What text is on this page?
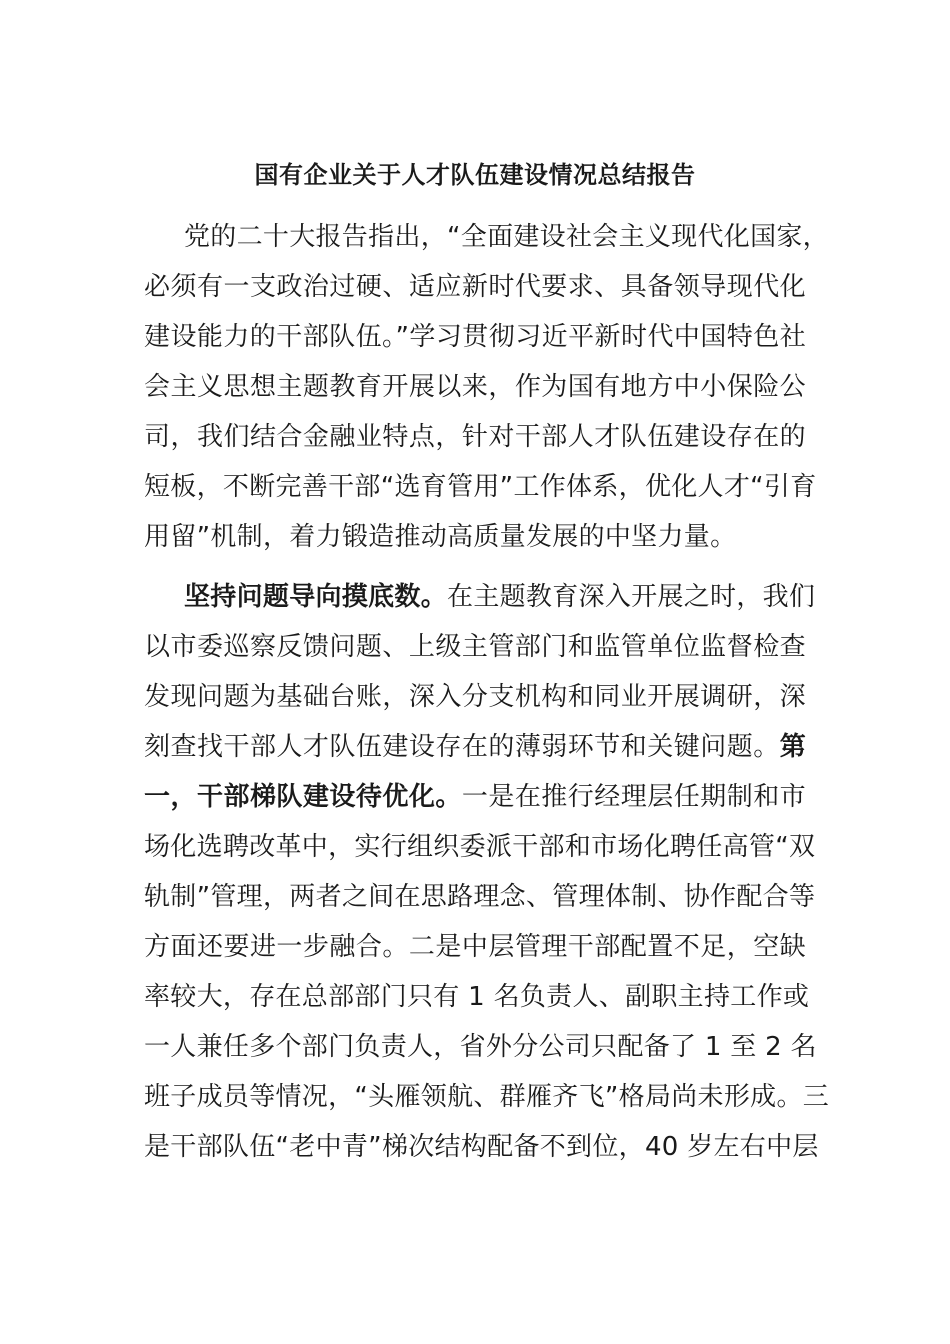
国有企业关于人才队伍建设情况总结报告
党的二十大报告指出，“全面建设社会主义现代化国家，
必须有一支政治过硬、适应新时代要求、具备领导现代化
建设能力的干部队伍。”学习贯彻习近平新时代中国特色社
会主义思想主题教育开展以来，作为国有地方中小保险公
司，我们结合金融业特点，针对干部人才队伍建设存在的
短板，不断完善干部“选育管用”工作体系，优化人才“引育
用留”机制，着力锻造推动高质量发展的中坚力量。
坚持问题导向摸底数。在主题教育深入开展之时，我们
以市委巡察反馈问题、上级主管部门和监管单位监督检查
发现问题为基础台账，深入分支机构和同业开展调研，深
刻查找干部人才队伍建设存在的薄弱环节和关键问题。第
一，干部梯队建设待优化。一是在推行经理层任期制和市
场化选聘改革中，实行组织委派干部和市场化聘任高管“双
轨制”管理，两者之间在思路理念、管理体制、协作配合等
方面还要进一步融合。二是中层管理干部配置不足，空缺
率较大，存在总部部门只有 1 名负责人、副职主持工作或
一人兼任多个部门负责人，省外分公司只配备了 1 至 2 名
班子成员等情况，“头雁领航、群雁齐飞”格局尚未形成。三
是干部队伍“老中青”梯次结构配备不到位，40 岁左右中层
